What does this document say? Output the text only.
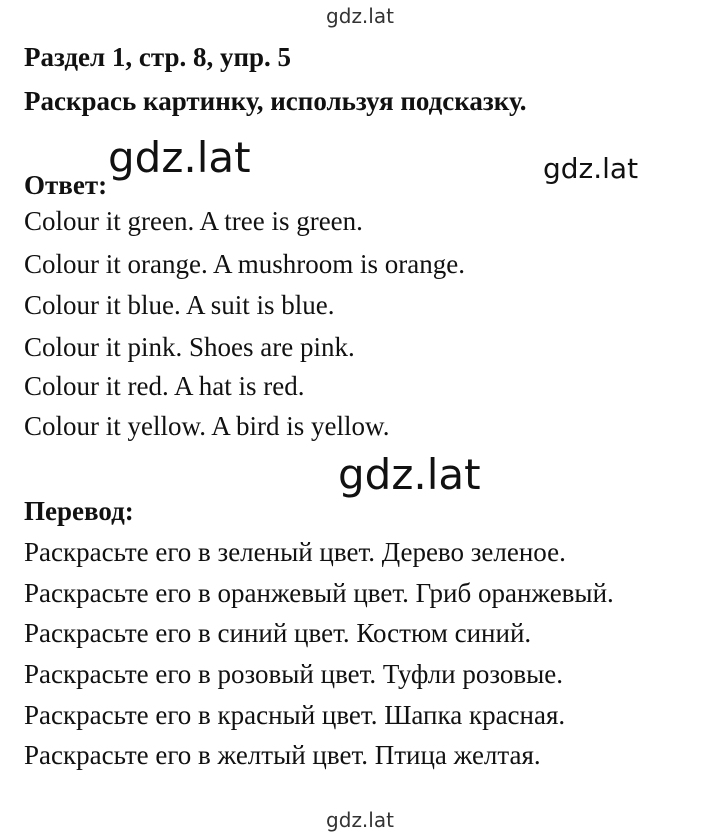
gdz.lat
Раздел 1, стр. 8, упр. 5
Раскрась картинку, используя подсказку.
Ответ:
Colour it green. A tree is green.
Colour it orange. A mushroom is orange.
Colour it blue. A suit is blue.
Colour it pink. Shoes are pink.
Colour it red. A hat is red.
Colour it yellow. A bird is yellow.
Перевод:
Раскрасьте его в зеленый цвет. Дерево зеленое.
Раскрасьте его в оранжевый цвет. Гриб оранжевый.
Раскрасьте его в синий цвет. Костюм синий.
Раскрасьте его в розовый цвет. Туфли розовые.
Раскрасьте его в красный цвет. Шапка красная.
Раскрасьте его в желтый цвет. Птица желтая.
gdz.lat	gdz.lat
gdz.lat
gdz.lat
